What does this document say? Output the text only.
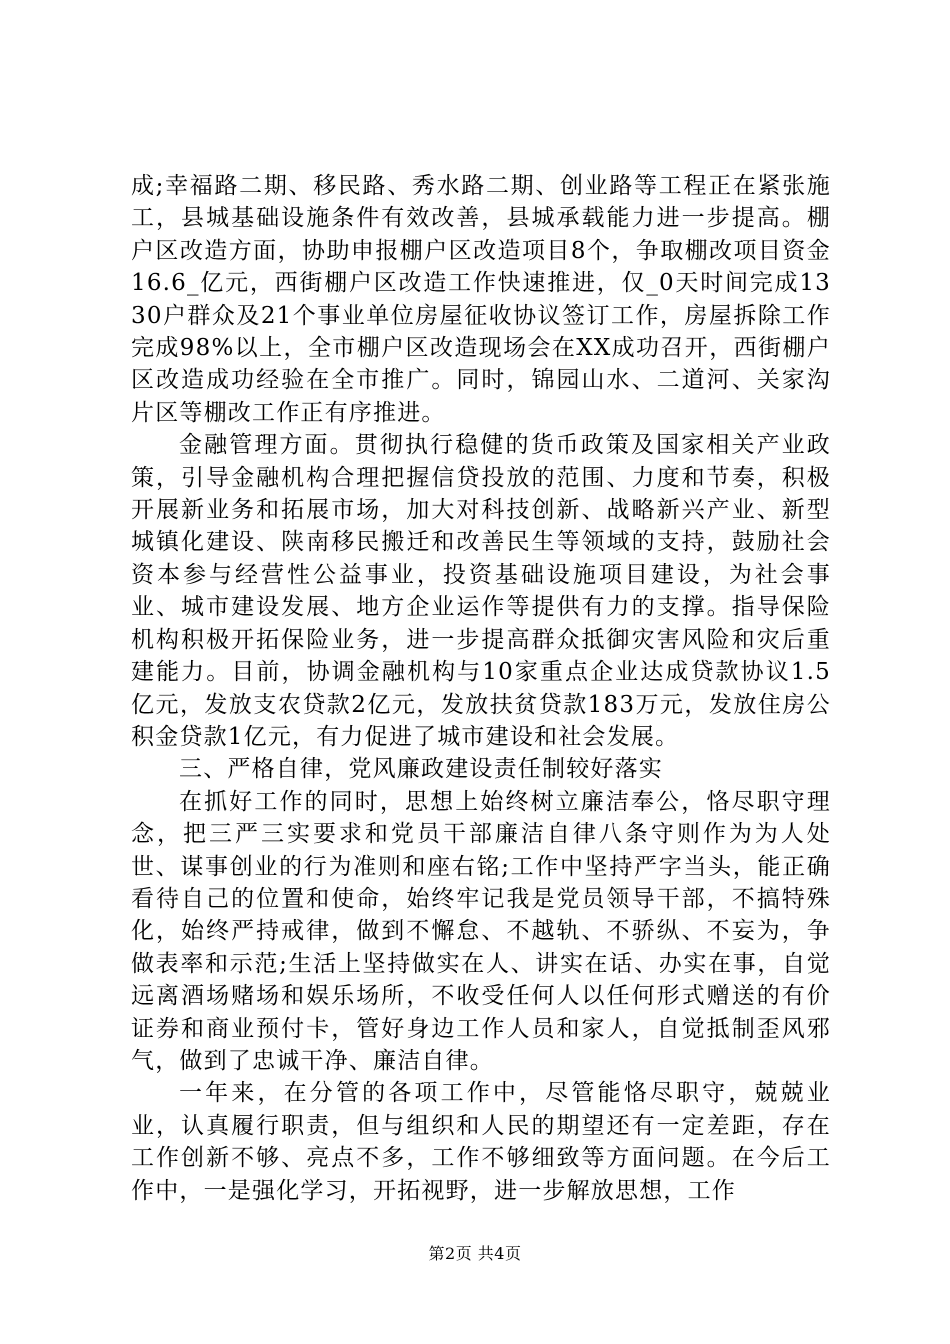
成;幸福路二期、移民路、秀水路二期、创业路等工程正在紧张施工，县城基础设施条件有效改善，县城承载能力进一步提高。棚户区改造方面，协助申报棚户区改造项目8个，争取棚改项目资金16.6_亿元，西街棚户区改造工作快速推进，仅_0天时间完成1330户群众及21个事业单位房屋征收协议签订工作，房屋拆除工作完成98%以上，全市棚户区改造现场会在XX成功召开，西街棚户区改造成功经验在全市推广。同时，锦园山水、二道河、关家沟片区等棚改工作正有序推进。

金融管理方面。贯彻执行稳健的货币政策及国家相关产业政策，引导金融机构合理把握信贷投放的范围、力度和节奏，积极开展新业务和拓展市场，加大对科技创新、战略新兴产业、新型城镇化建设、陕南移民搬迁和改善民生等领域的支持，鼓励社会资本参与经营性公益事业，投资基础设施项目建设，为社会事业、城市建设发展、地方企业运作等提供有力的支撑。指导保险机构积极开拓保险业务，进一步提高群众抵御灾害风险和灾后重建能力。目前，协调金融机构与10家重点企业达成贷款协议1.5亿元，发放支农贷款2亿元，发放扶贫贷款183万元，发放住房公积金贷款1亿元，有力促进了城市建设和社会发展。

三、严格自律，党风廉政建设责任制较好落实

在抓好工作的同时，思想上始终树立廉洁奉公，恪尽职守理念，把三严三实要求和党员干部廉洁自律八条守则作为为人处世、谋事创业的行为准则和座右铭;工作中坚持严字当头，能正确看待自己的位置和使命，始终牢记我是党员领导干部，不搞特殊化，始终严持戒律，做到不懈怠、不越轨、不骄纵、不妄为，争做表率和示范;生活上坚持做实在人、讲实在话、办实在事，自觉远离酒场赌场和娱乐场所，不收受任何人以任何形式赠送的有价证券和商业预付卡，管好身边工作人员和家人，自觉抵制歪风邪气，做到了忠诚干净、廉洁自律。

一年来，在分管的各项工作中，尽管能恪尽职守，兢兢业业，认真履行职责，但与组织和人民的期望还有一定差距，存在工作创新不够、亮点不多，工作不够细致等方面问题。在今后工作中，一是强化学习，开拓视野，进一步解放思想，工作

第2页 共4页
